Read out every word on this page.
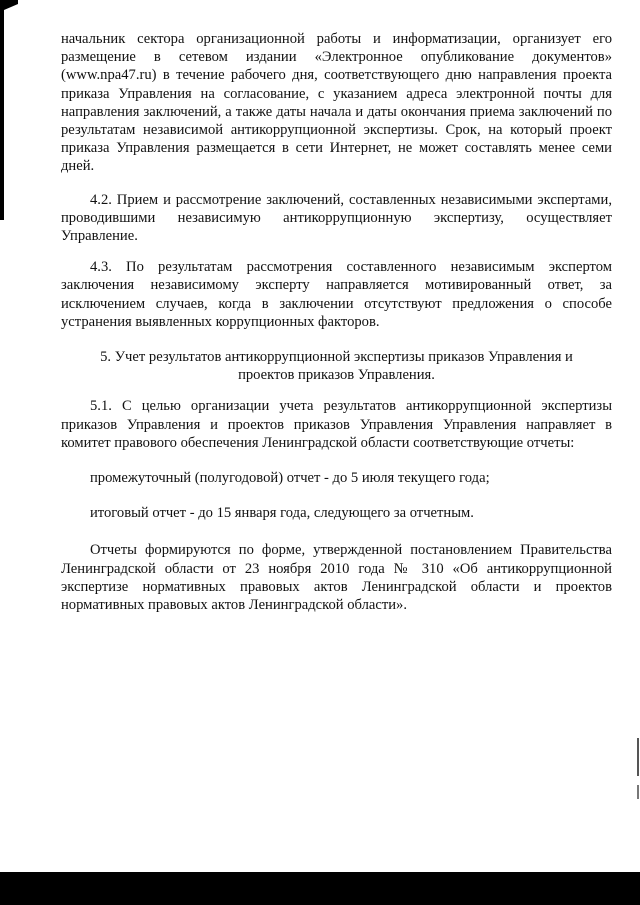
начальник сектора организационной работы и информатизации, организует его размещение в сетевом издании «Электронное опубликование документов» (www.npa47.ru) в течение рабочего дня, соответствующего дню направления проекта приказа Управления на согласование, с указанием адреса электронной почты для направления заключений, а также даты начала и даты окончания приема заключений по результатам независимой антикоррупционной экспертизы. Срок, на который проект приказа Управления размещается в сети Интернет, не может составлять менее семи дней.

4.2. Прием и рассмотрение заключений, составленных независимыми экспертами, проводившими независимую антикоррупционную экспертизу, осуществляет Управление.

4.3. По результатам рассмотрения составленного независимым экспертом заключения независимому эксперту направляется мотивированный ответ, за исключением случаев, когда в заключении отсутствуют предложения о способе устранения выявленных коррупционных факторов.

5. Учет результатов антикоррупционной экспертизы приказов Управления и проектов приказов Управления.

5.1. С целью организации учета результатов антикоррупционной экспертизы приказов Управления и проектов приказов Управления Управления направляет в комитет правового обеспечения Ленинградской области соответствующие отчеты:

промежуточный (полугодовой) отчет - до 5 июля текущего года;

итоговый отчет - до 15 января года, следующего за отчетным.

Отчеты формируются по форме, утвержденной постановлением Правительства Ленинградской области от 23 ноября 2010 года № 310 «Об антикоррупционной экспертизе нормативных правовых актов Ленинградской области и проектов нормативных правовых актов Ленинградской области».
